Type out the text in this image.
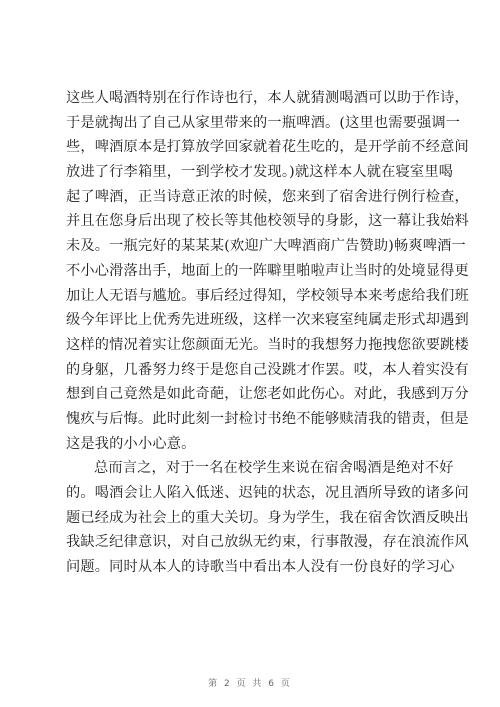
这些人喝酒特别在行作诗也行，本人就猜测喝酒可以助于作诗，
于是就掏出了自己从家里带来的一瓶啤酒。(这里也需要强调一
些，啤酒原本是打算放学回家就着花生吃的，是开学前不经意间
放进了行李箱里，一到学校才发现。)就这样本人就在寝室里喝
起了啤酒，正当诗意正浓的时候，您来到了宿舍进行例行检查，
并且在您身后出现了校长等其他校领导的身影，这一幕让我始料
未及。一瓶完好的某某某(欢迎广大啤酒商广告赞助)畅爽啤酒一
不小心滑落出手，地面上的一阵噼里啪啦声让当时的处境显得更
加让人无语与尴尬。事后经过得知，学校领导本来考虑给我们班
级今年评比上优秀先进班级，这样一次来寝室纯属走形式却遇到
这样的情况着实让您颜面无光。当时的我想努力拖拽您欲要跳楼
的身躯，几番努力终于是您自己没跳才作罢。哎，本人着实没有
想到自己竟然是如此奇葩，让您老如此伤心。对此，我感到万分
愧疚与后悔。此时此刻一封检讨书绝不能够赎清我的错责，但是
这是我的小小心意。
总而言之，对于一名在校学生来说在宿舍喝酒是绝对不好
的。喝酒会让人陷入低迷、迟钝的状态，况且酒所导致的诸多问
题已经成为社会上的重大关切。身为学生，我在宿舍饮酒反映出
我缺乏纪律意识，对自己放纵无约束，行事散漫，存在浪流作风
问题。同时从本人的诗歌当中看出本人没有一份良好的学习心
第 2 页 共 6 页
